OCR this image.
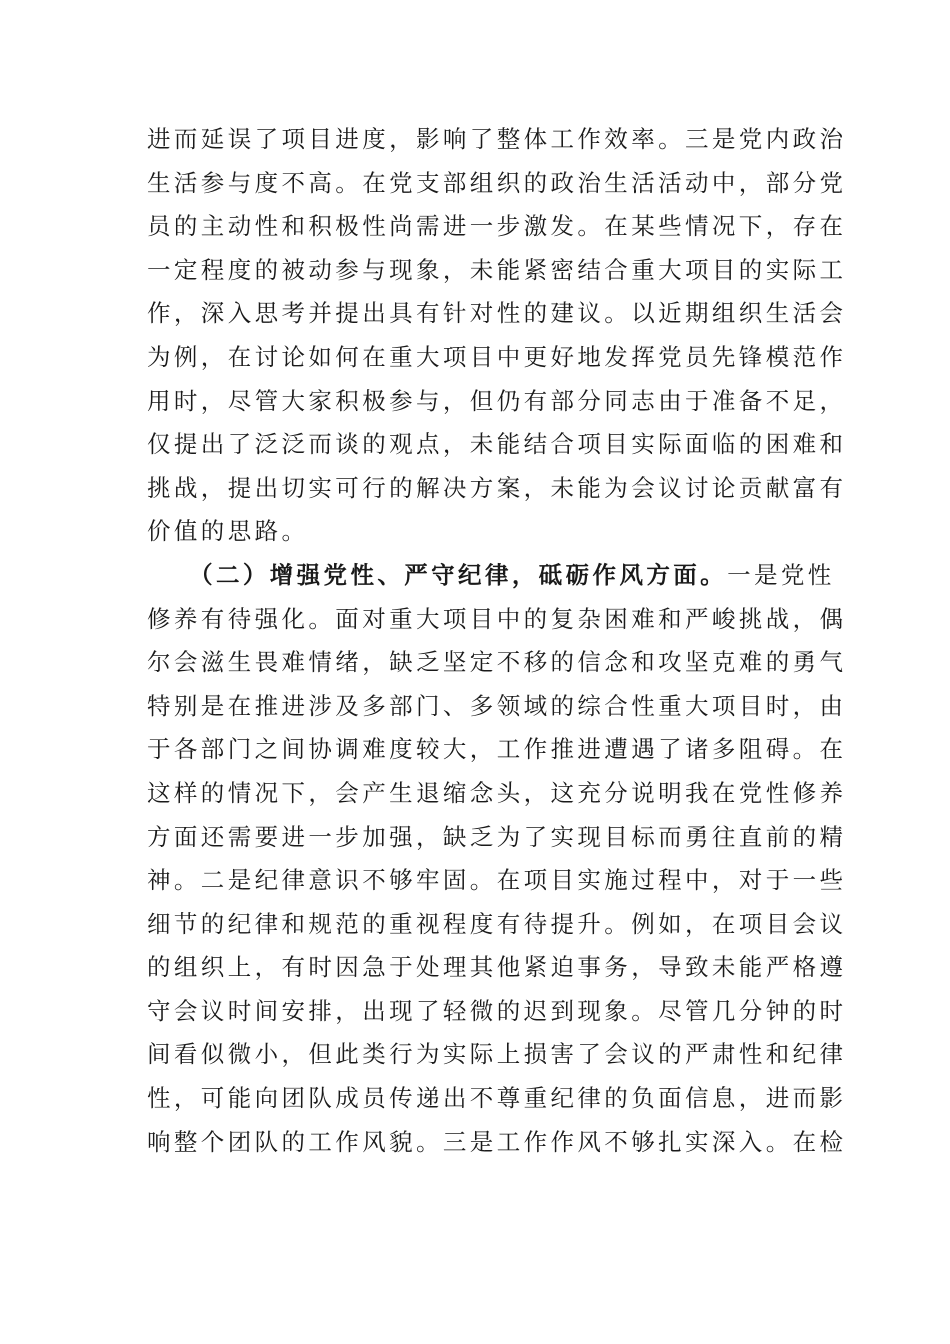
进而延误了项目进度，影响了整体工作效率。三是党内政治
生活参与度不高。在党支部组织的政治生活活动中，部分党
员的主动性和积极性尚需进一步激发。在某些情况下，存在
一定程度的被动参与现象，未能紧密结合重大项目的实际工
作，深入思考并提出具有针对性的建议。以近期组织生活会
为例，在讨论如何在重大项目中更好地发挥党员先锋模范作
用时，尽管大家积极参与，但仍有部分同志由于准备不足，
仅提出了泛泛而谈的观点，未能结合项目实际面临的困难和
挑战，提出切实可行的解决方案，未能为会议讨论贡献富有
价值的思路。
　　（二）增强党性、严守纪律，砥砺作风方面。一是党性
修养有待强化。面对重大项目中的复杂困难和严峻挑战，偶
尔会滋生畏难情绪，缺乏坚定不移的信念和攻坚克难的勇气
特别是在推进涉及多部门、多领域的综合性重大项目时，由
于各部门之间协调难度较大，工作推进遭遇了诸多阻碍。在
这样的情况下，会产生退缩念头，这充分说明我在党性修养
方面还需要进一步加强，缺乏为了实现目标而勇往直前的精
神。二是纪律意识不够牢固。在项目实施过程中，对于一些
细节的纪律和规范的重视程度有待提升。例如，在项目会议
的组织上，有时因急于处理其他紧迫事务，导致未能严格遵
守会议时间安排，出现了轻微的迟到现象。尽管几分钟的时
间看似微小，但此类行为实际上损害了会议的严肃性和纪律
性，可能向团队成员传递出不尊重纪律的负面信息，进而影
响整个团队的工作风貌。三是工作作风不够扎实深入。在检
